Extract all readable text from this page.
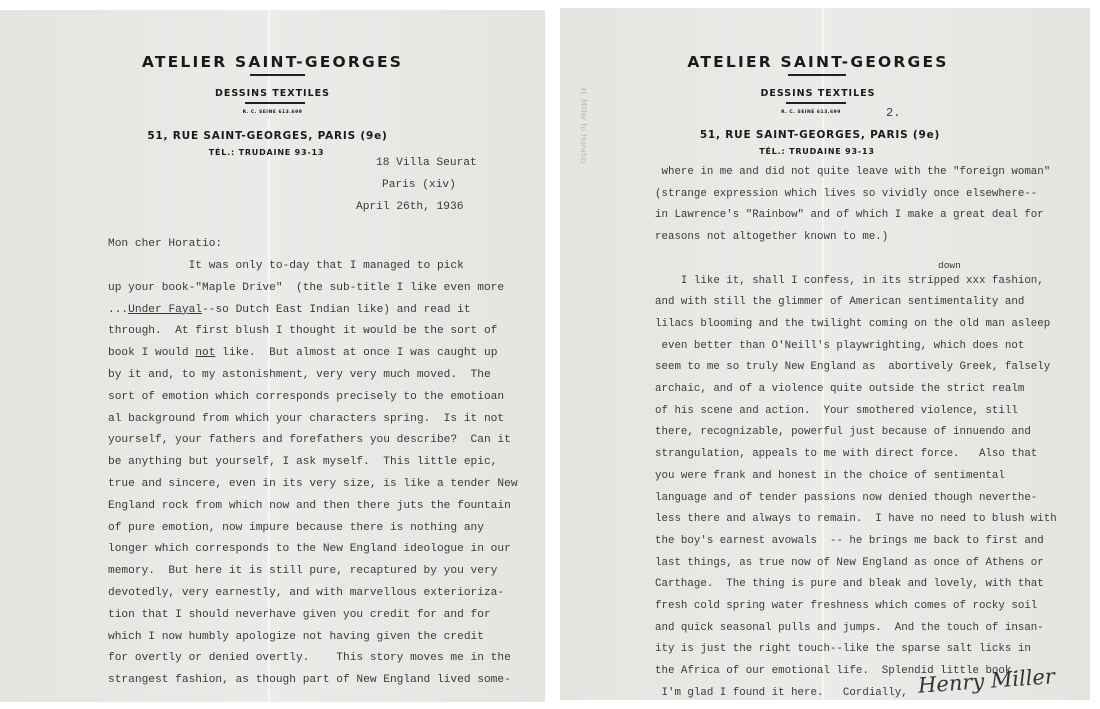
ATELIER SAINT-GEORGES
DESSINS TEXTILES
R. C. SEINE 613.699
51, RUE SAINT-GEORGES, PARIS (9e)
TÉL.: TRUDAINE 93-13
18 Villa Seurat
Paris (xiv)
April 26th, 1936
Mon cher Horatio:
It was only to-day that I managed to pick
up your book-"Maple Drive"  (the sub-title I like even more
...Under Fayal--so Dutch East Indian like) and read it
through.  At first blush I thought it would be the sort of
book I would not like.  But almost at once I was caught up
by it and, to my astonishment, very very much moved.  The
sort of emotion which corresponds precisely to the emotioan
al background from which your characters spring.  Is it not
yourself, your fathers and forefathers you describe?  Can it
be anything but yourself, I ask myself.  This little epic,
true and sincere, even in its very size, is like a tender New
England rock from which now and then there juts the fountain
of pure emotion, now impure because there is nothing any
longer which corresponds to the New England ideologue in our
memory.  But here it is still pure, recaptured by you very
devotedly, very earnestly, and with marvellous exterioriza-
tion that I should neverhave given you credit for and for
which I now humbly apologize not having given the credit
for overtly or denied overtly.    This story moves me in the
strangest fashion, as though part of New England lived some-
H. Miller to Horatio
ATELIER SAINT-GEORGES
DESSINS TEXTILES
R. C. SEINE 613.699	2.
51, RUE SAINT-GEORGES, PARIS (9e)
TÉL.: TRUDAINE 93-13
down
where in me and did not quite leave with the "foreign woman"
(strange expression which lives so vividly once elsewhere--
in Lawrence's "Rainbow" and of which I make a great deal for
reasons not altogether known to me.)
I like it, shall I confess, in its stripped xxx fashion,
and with still the glimmer of American sentimentality and
lilacs blooming and the twilight coming on the old man asleep
even better than O'Neill's playwrighting, which does not
seem to me so truly New England as  abortively Greek, falsely
archaic, and of a violence quite outside the strict realm
of his scene and action.  Your smothered violence, still
there, recognizable, powerful just because of innuendo and
strangulation, appeals to me with direct force.   Also that
you were frank and honest in the choice of sentimental
language and of tender passions now denied though neverthe-
less there and always to remain.  I have no need to blush with
the boy's earnest avowals  -- he brings me back to first and
last things, as true now of New England as once of Athens or
Carthage.  The thing is pure and bleak and lovely, with that
fresh cold spring water freshness which comes of rocky soil
and quick seasonal pulls and jumps.  And the touch of insan-
ity is just the right touch--like the sparse salt licks in
the Africa of our emotional life.  Splendid little book.
I'm glad I found it here.   Cordially, Henry Miller
